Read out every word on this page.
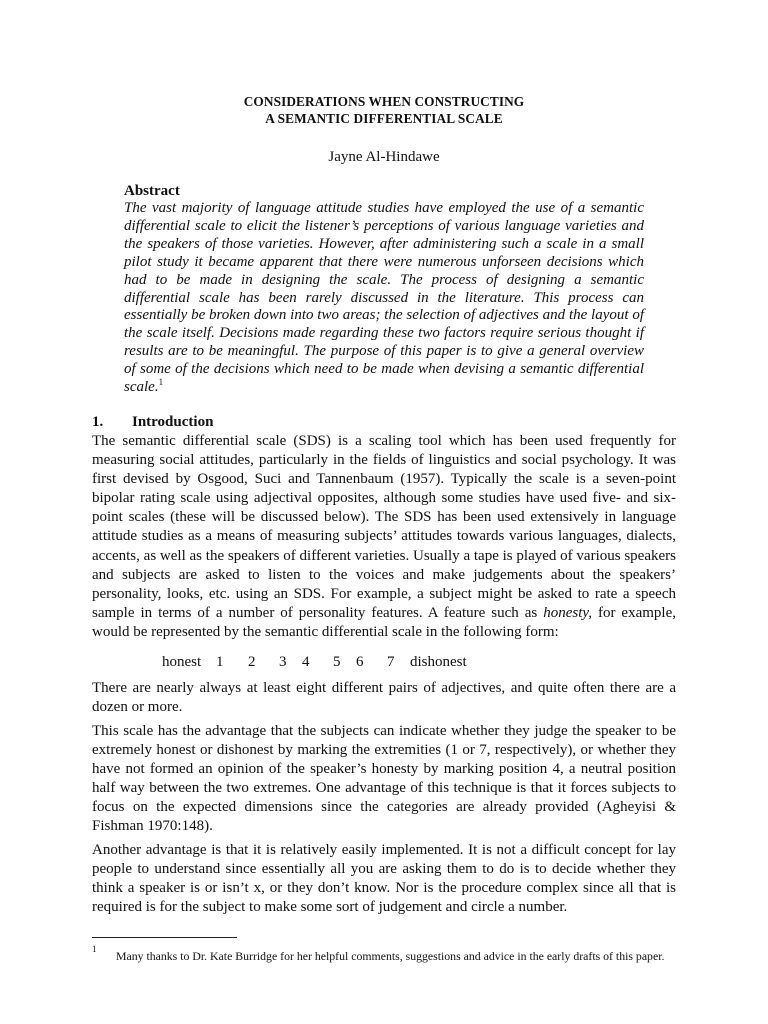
CONSIDERATIONS WHEN CONSTRUCTING
A SEMANTIC DIFFERENTIAL SCALE
Jayne Al-Hindawe
Abstract
The vast majority of language attitude studies have employed the use of a semantic differential scale to elicit the listener’s perceptions of various language varieties and the speakers of those varieties. However, after administering such a scale in a small pilot study it became apparent that there were numerous unforseen decisions which had to be made in designing the scale. The process of designing a semantic differential scale has been rarely discussed in the literature. This process can essentially be broken down into two areas; the selection of adjectives and the layout of the scale itself. Decisions made regarding these two factors require serious thought if results are to be meaningful. The purpose of this paper is to give a general overview of some of the decisions which need to be made when devising a semantic differential scale.$^1$
1. Introduction
The semantic differential scale (SDS) is a scaling tool which has been used frequently for measuring social attitudes, particularly in the fields of linguistics and social psychology. It was first devised by Osgood, Suci and Tannenbaum (1957). Typically the scale is a seven-point bipolar rating scale using adjectival opposites, although some studies have used five- and six-point scales (these will be discussed below). The SDS has been used extensively in language attitude studies as a means of measuring subjects’ attitudes towards various languages, dialects, accents, as well as the speakers of different varieties. Usually a tape is played of various speakers and subjects are asked to listen to the voices and make judgements about the speakers’ personality, looks, etc. using an SDS. For example, a subject might be asked to rate a speech sample in terms of a number of personality features. A feature such as honesty, for example, would be represented by the semantic differential scale in the following form:
honest 1 2 3 4 5 6 7 dishonest
There are nearly always at least eight different pairs of adjectives, and quite often there are a dozen or more.
This scale has the advantage that the subjects can indicate whether they judge the speaker to be extremely honest or dishonest by marking the extremities (1 or 7, respectively), or whether they have not formed an opinion of the speaker’s honesty by marking position 4, a neutral position half way between the two extremes. One advantage of this technique is that it forces subjects to focus on the expected dimensions since the categories are already provided (Agheyisi & Fishman 1970:148).
Another advantage is that it is relatively easily implemented. It is not a difficult concept for lay people to understand since essentially all you are asking them to do is to decide whether they think a speaker is or isn’t x, or they don’t know. Nor is the procedure complex since all that is required is for the subject to make some sort of judgement and circle a number.
1 Many thanks to Dr. Kate Burridge for her helpful comments, suggestions and advice in the early drafts of this paper.
